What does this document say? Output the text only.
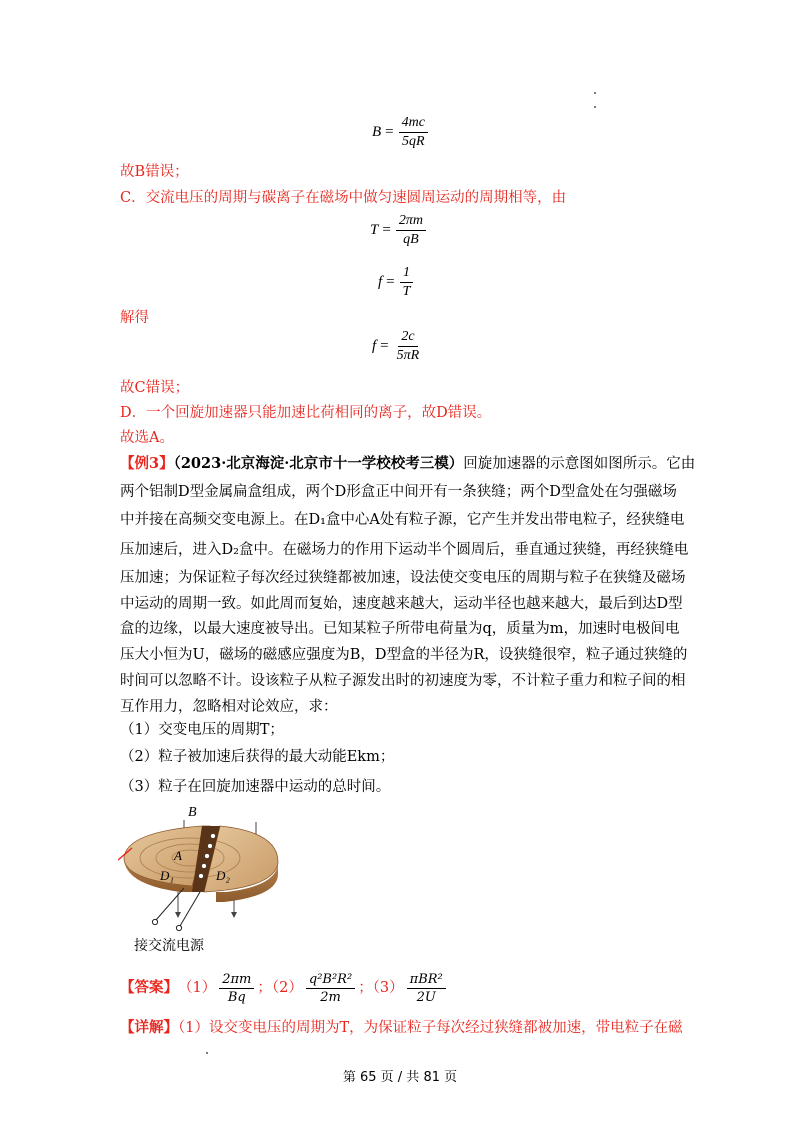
$B = \frac{4mc}{5qR}$
故B错误；
C．交流电压的周期与碳离子在磁场中做匀速圆周运动的周期相等，由
$T = \frac{2\pi m}{qB}$
$f = \frac{1}{T}$
解得
$f = \frac{2c}{5\pi R}$
故C错误；
D．一个回旋加速器只能加速比荷相同的离子，故D错误。
故选A。
【例3】（2023·北京海淀·北京市十一学校校考三模）回旋加速器的示意图如图所示。它由
两个铝制D型金属扁盒组成，两个D形盒正中间开有一条狭缝；两个D型盒处在匀强磁场
中并接在高频交变电源上。在D₁盒中心A处有粒子源，它产生并发出带电粒子，经狭缝电
压加速后，进入D₂盒中。在磁场力的作用下运动半个圆周后，垂直通过狭缝，再经狭缝电
压加速；为保证粒子每次经过狭缝都被加速，设法使交变电压的周期与粒子在狭缝及磁场
中运动的周期一致。如此周而复始，速度越来越大，运动半径也越来越大，最后到达D型
盒的边缘，以最大速度被导出。已知某粒子所带电荷量为q，质量为m，加速时电极间电
压大小恒为U，磁场的磁感应强度为B，D型盒的半径为R，设狭缝很窄，粒子通过狭缝的
时间可以忽略不计。设该粒子从粒子源发出时的初速度为零，不计粒子重力和粒子间的相
互作用力，忽略相对论效应，求：
（1）交变电压的周期T；
（2）粒子被加速后获得的最大动能Ekm；
（3）粒子在回旋加速器中运动的总时间。
B
A
D₁	D₂
接交流电源
【答案】 $(1) \frac{2\pi m}{Bq}$ ；$(2) \frac{\text{q²B²R²}}{2m}$ ；$(3) \frac{\text{πBR²}}{2U}$
【详解】（1）设交变电压的周期为T，为保证粒子每次经过狭缝都被加速，带电粒子在磁
第 65 页 / 共 81 页
